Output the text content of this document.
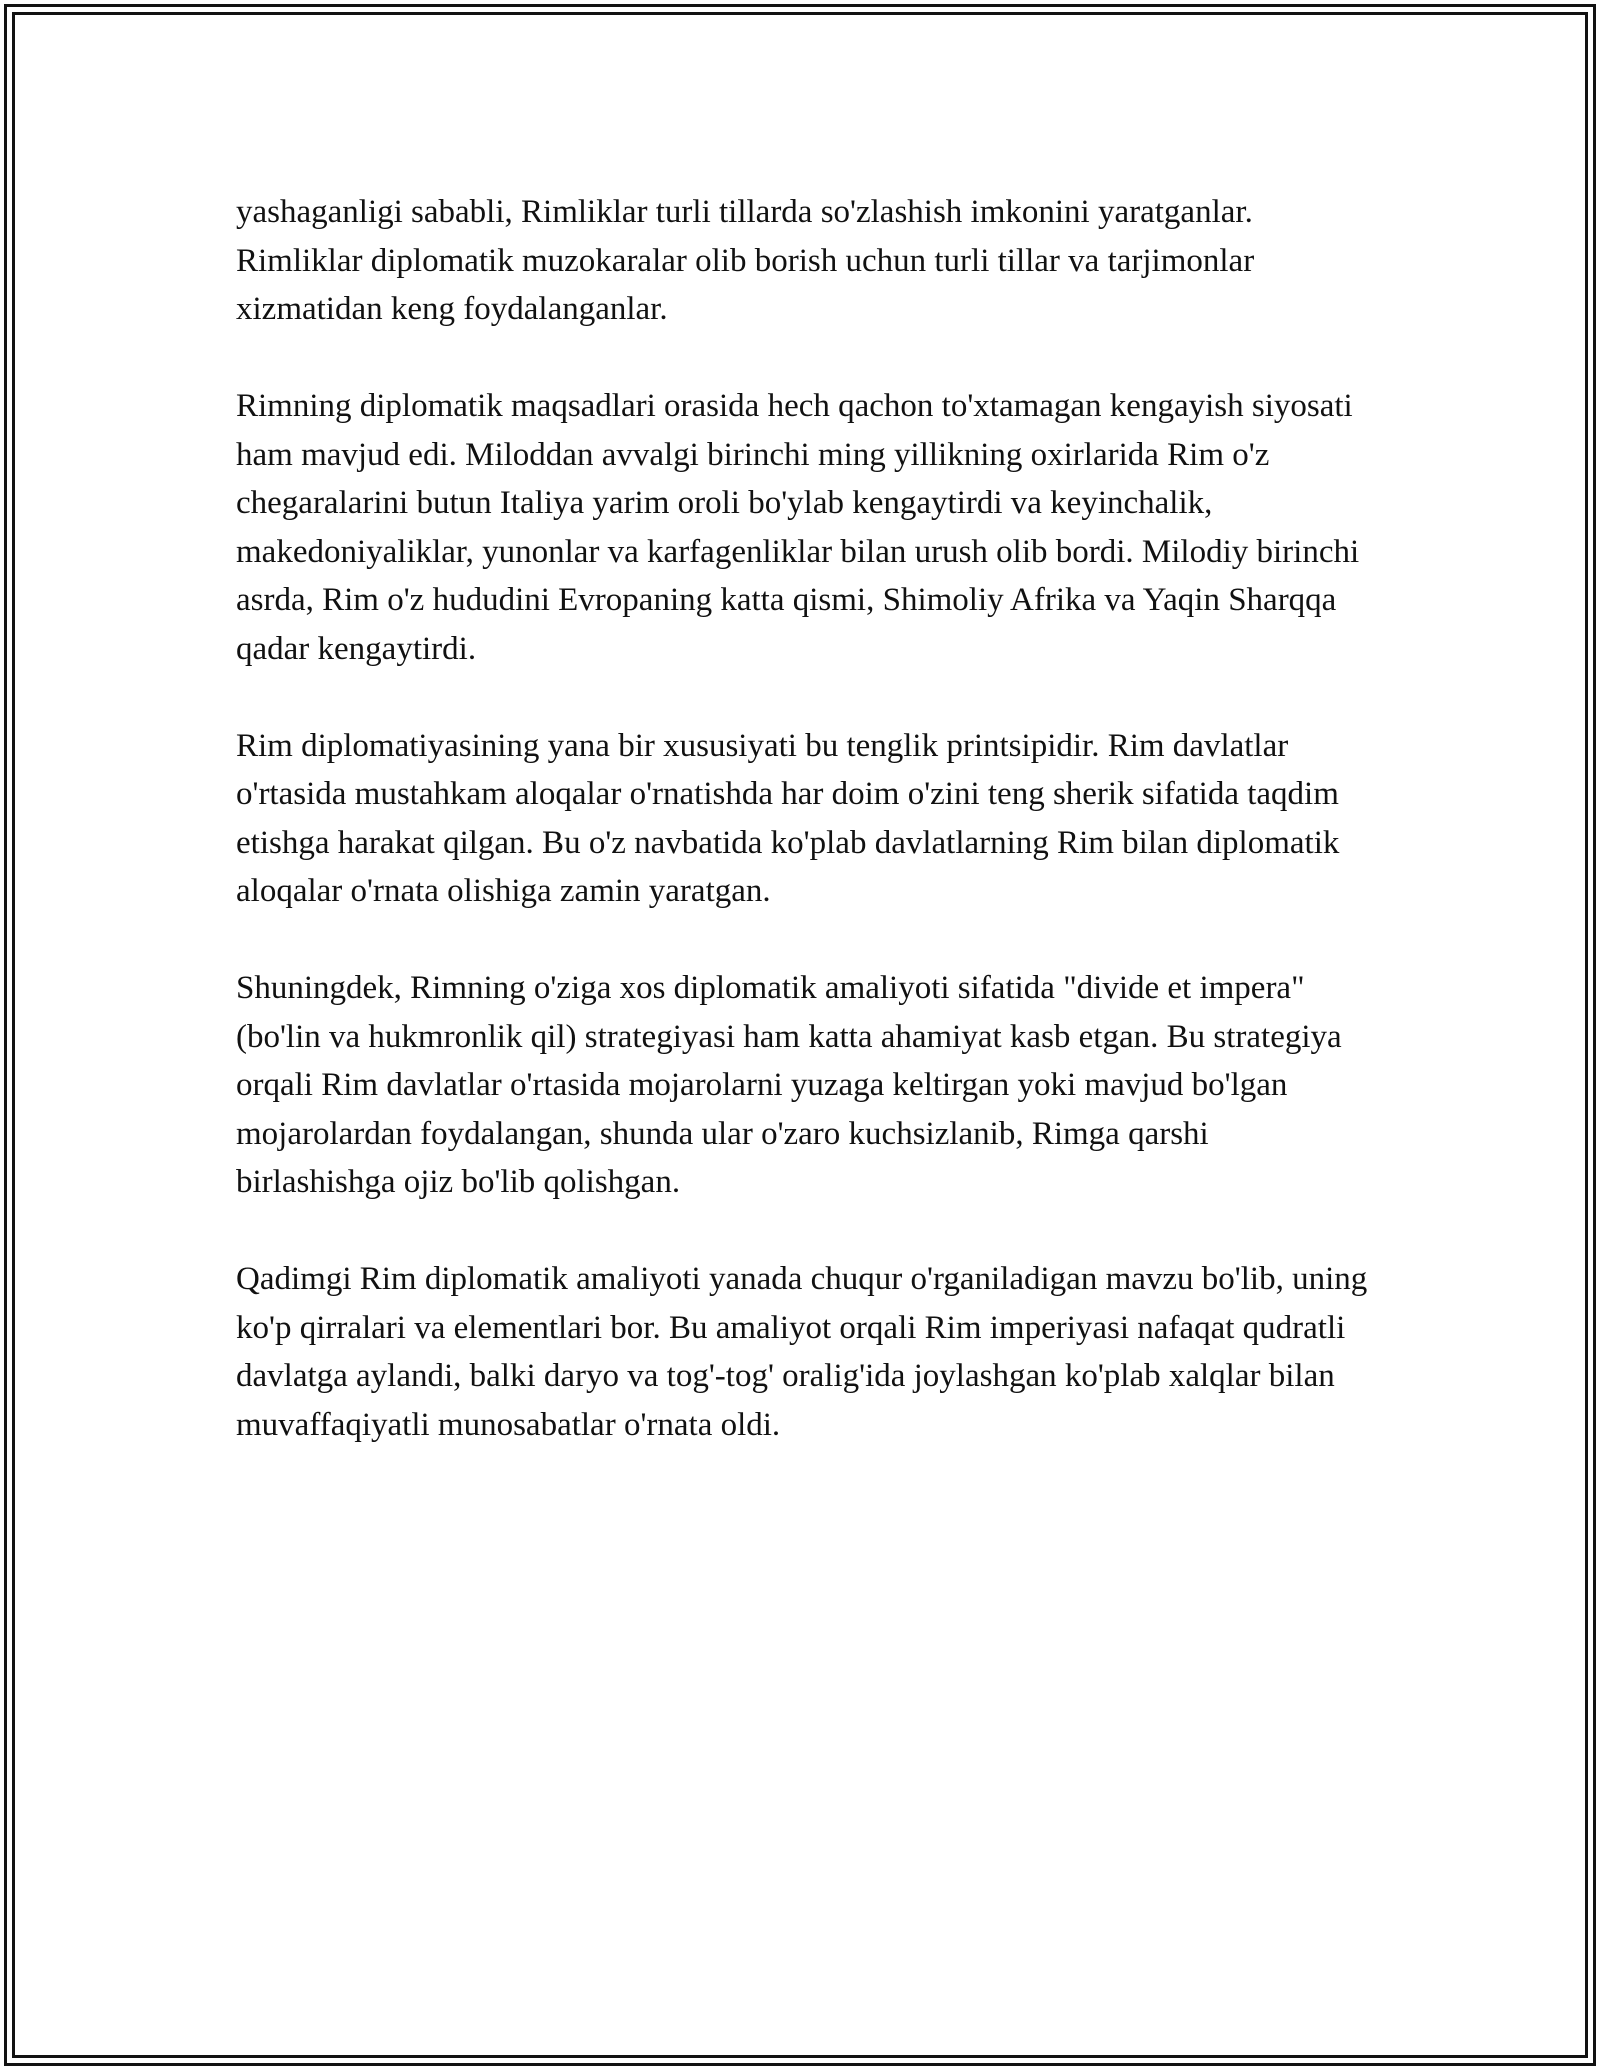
yashaganligi sababli, Rimliklar turli tillarda so'zlashish imkonini yaratganlar. Rimliklar diplomatik muzokaralar olib borish uchun turli tillar va tarjimonlar xizmatidan keng foydalanganlar.

Rimning diplomatik maqsadlari orasida hech qachon to'xtamagan kengayish siyosati ham mavjud edi. Miloddan avvalgi birinchi ming yillikning oxirlarida Rim o'z chegaralarini butun Italiya yarim oroli bo'ylab kengaytirdi va keyinchalik, makedoniyaliklar, yunonlar va karfagenliklar bilan urush olib bordi. Milodiy birinchi asrda, Rim o'z hududini Evropaning katta qismi, Shimoliy Afrika va Yaqin Sharqqa qadar kengaytirdi.

Rim diplomatiyasining yana bir xususiyati bu tenglik printsipidir. Rim davlatlar o'rtasida mustahkam aloqalar o'rnatishda har doim o'zini teng sherik sifatida taqdim etishga harakat qilgan. Bu o'z navbatida ko'plab davlatlarning Rim bilan diplomatik aloqalar o'rnata olishiga zamin yaratgan.

Shuningdek, Rimning o'ziga xos diplomatik amaliyoti sifatida "divide et impera" (bo'lin va hukmronlik qil) strategiyasi ham katta ahamiyat kasb etgan. Bu strategiya orqali Rim davlatlar o'rtasida mojarolarni yuzaga keltirgan yoki mavjud bo'lgan mojarolardan foydalangan, shunda ular o'zaro kuchsizlanib, Rimga qarshi birlashishga ojiz bo'lib qolishgan.

Qadimgi Rim diplomatik amaliyoti yanada chuqur o'rganiladigan mavzu bo'lib, uning ko'p qirralari va elementlari bor. Bu amaliyot orqali Rim imperiyasi nafaqat qudratli davlatga aylandi, balki daryo va tog'-tog' oralig'ida joylashgan ko'plab xalqlar bilan muvaffaqiyatli munosabatlar o'rnata oldi.
